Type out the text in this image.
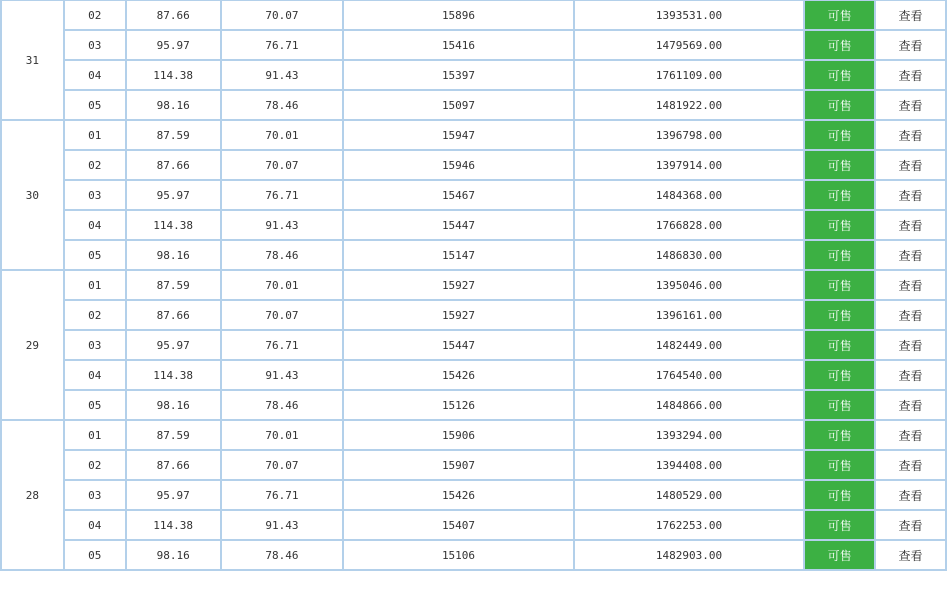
31	02	87.66	70.07	15896	1393531.00	可售	查看
	03	95.97	76.71	15416	1479569.00	可售	查看
	04	114.38	91.43	15397	1761109.00	可售	查看
	05	98.16	78.46	15097	1481922.00	可售	查看
30	01	87.59	70.01	15947	1396798.00	可售	查看
	02	87.66	70.07	15946	1397914.00	可售	查看
	03	95.97	76.71	15467	1484368.00	可售	查看
	04	114.38	91.43	15447	1766828.00	可售	查看
	05	98.16	78.46	15147	1486830.00	可售	查看
29	01	87.59	70.01	15927	1395046.00	可售	查看
	02	87.66	70.07	15927	1396161.00	可售	查看
	03	95.97	76.71	15447	1482449.00	可售	查看
	04	114.38	91.43	15426	1764540.00	可售	查看
	05	98.16	78.46	15126	1484866.00	可售	查看
28	01	87.59	70.01	15906	1393294.00	可售	查看
	02	87.66	70.07	15907	1394408.00	可售	查看
	03	95.97	76.71	15426	1480529.00	可售	查看
	04	114.38	91.43	15407	1762253.00	可售	查看
	05	98.16	78.46	15106	1482903.00	可售	查看
